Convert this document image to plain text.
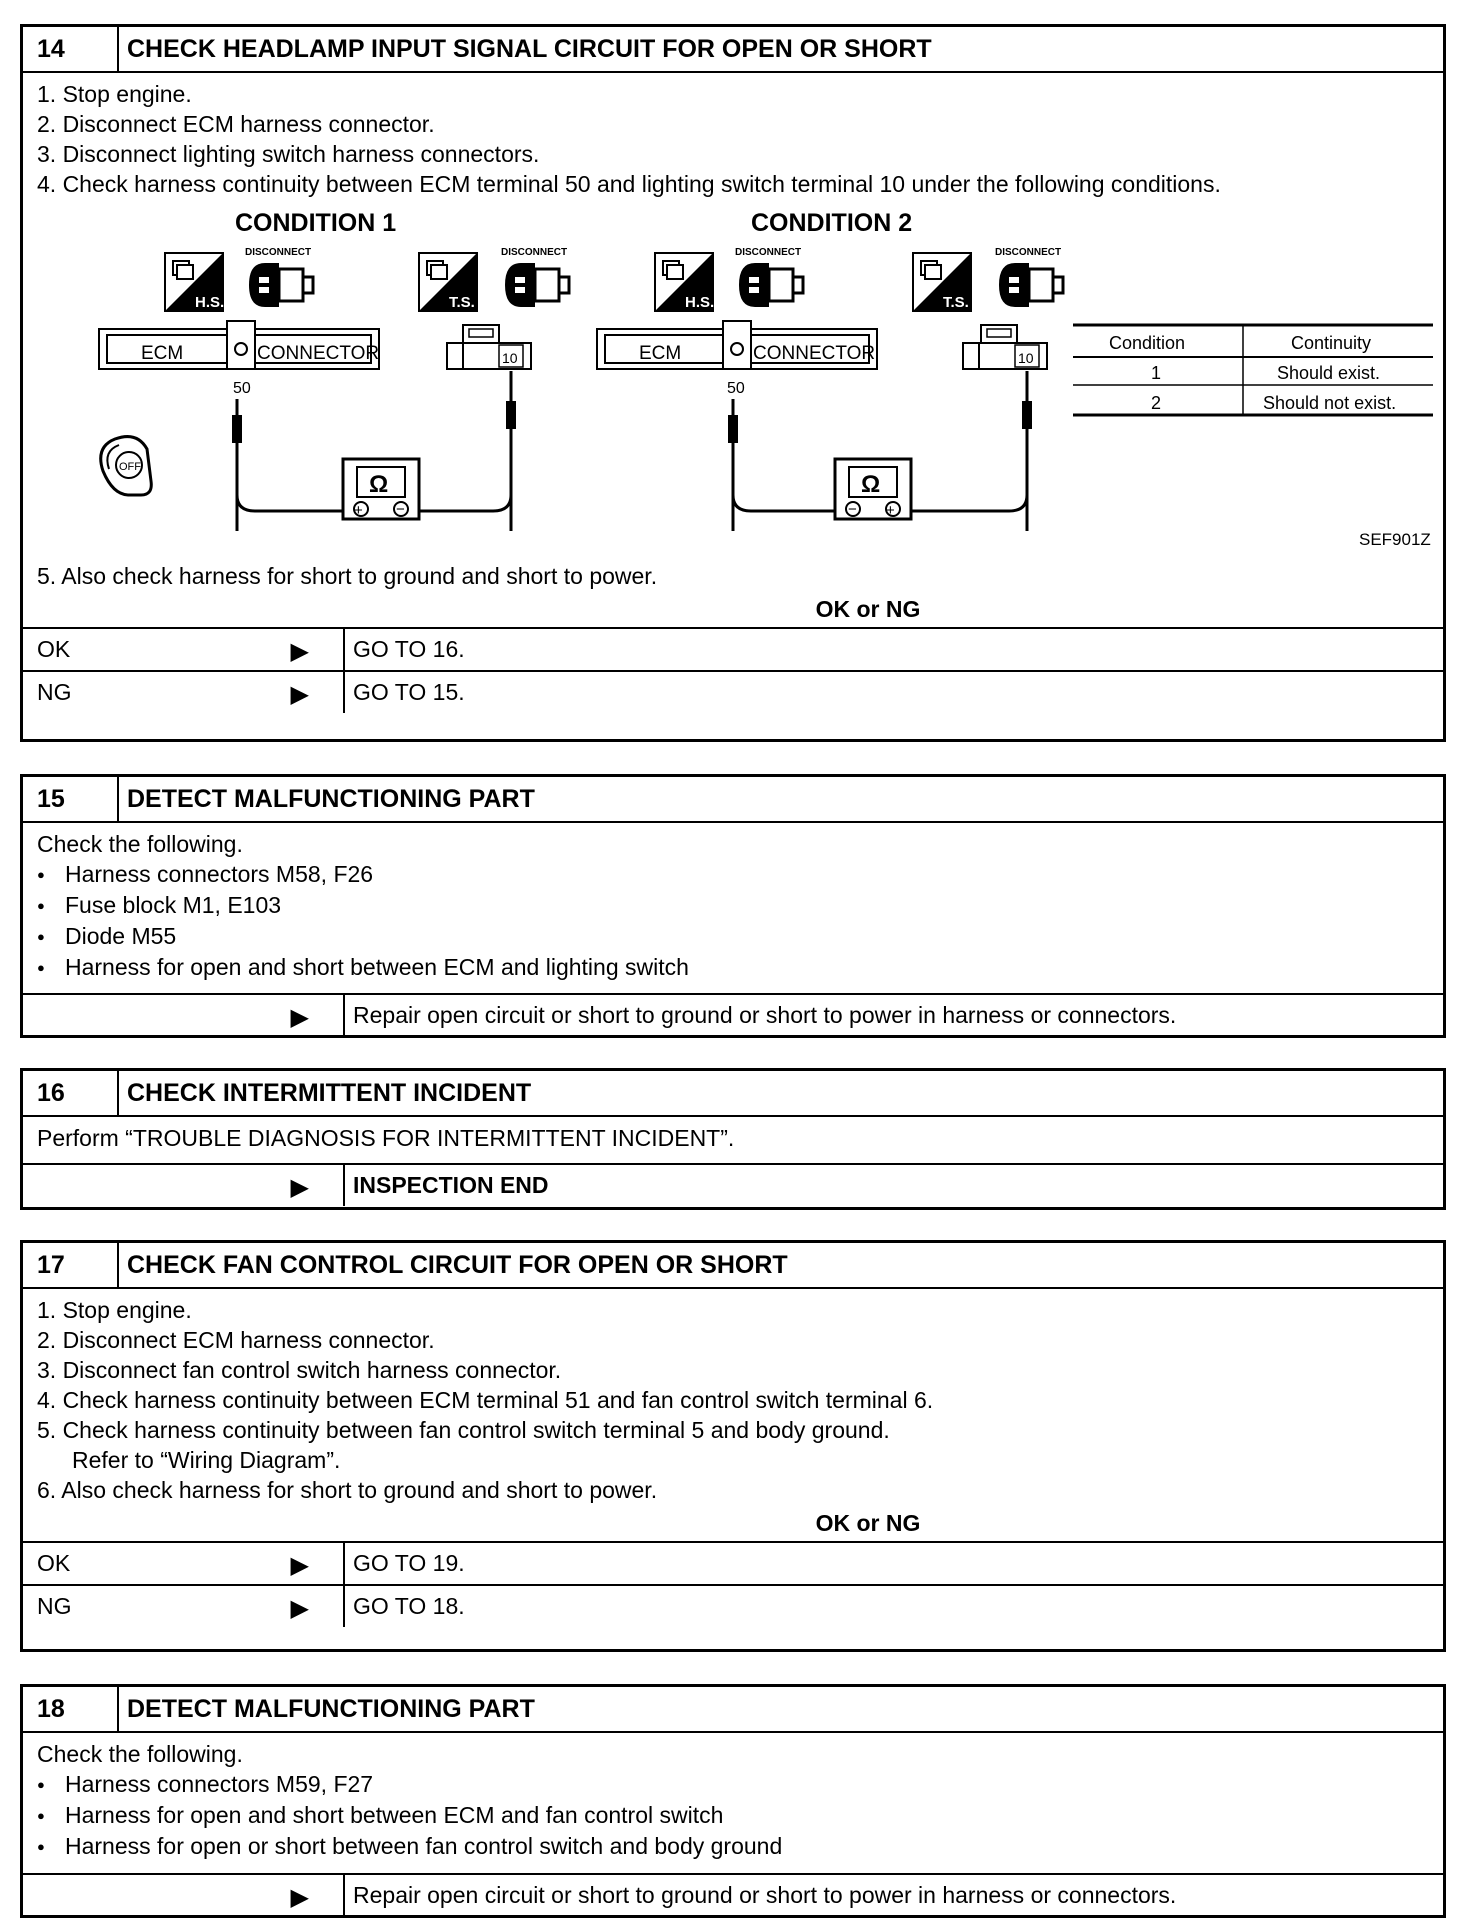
14	CHECK HEADLAMP INPUT SIGNAL CIRCUIT FOR OPEN OR SHORT
1. Stop engine.
2. Disconnect ECM harness connector.
3. Disconnect lighting switch harness connectors.
4. Check harness continuity between ECM terminal 50 and lighting switch terminal 10 under the following conditions.
CONDITION 1	CONDITION 2
H.S.
DISCONNECT
T.S.
DISCONNECT
ECM	CONNECTOR
50
10
Ω
+ −
OFF
H.S.
DISCONNECT
T.S.
DISCONNECT
ECM	CONNECTOR
50
10
Ω
− +
Condition	Continuity
1	Should exist.
2	Should not exist.
SEF901Z
5. Also check harness for short to ground and short to power.
OK or NG
OK	▶	GO TO 16.
NG	▶	GO TO 15.
15	DETECT MALFUNCTIONING PART
Check the following.
● Harness connectors M58, F26
● Fuse block M1, E103
● Diode M55
● Harness for open and short between ECM and lighting switch
▶	Repair open circuit or short to ground or short to power in harness or connectors.
16	CHECK INTERMITTENT INCIDENT
Perform “TROUBLE DIAGNOSIS FOR INTERMITTENT INCIDENT”.
▶	INSPECTION END
17	CHECK FAN CONTROL CIRCUIT FOR OPEN OR SHORT
1. Stop engine.
2. Disconnect ECM harness connector.
3. Disconnect fan control switch harness connector.
4. Check harness continuity between ECM terminal 51 and fan control switch terminal 6.
5. Check harness continuity between fan control switch terminal 5 and body ground.
Refer to “Wiring Diagram”.
6. Also check harness for short to ground and short to power.
OK or NG
OK	▶	GO TO 19.
NG	▶	GO TO 18.
18	DETECT MALFUNCTIONING PART
Check the following.
● Harness connectors M59, F27
● Harness for open and short between ECM and fan control switch
● Harness for open or short between fan control switch and body ground
▶	Repair open circuit or short to ground or short to power in harness or connectors.
